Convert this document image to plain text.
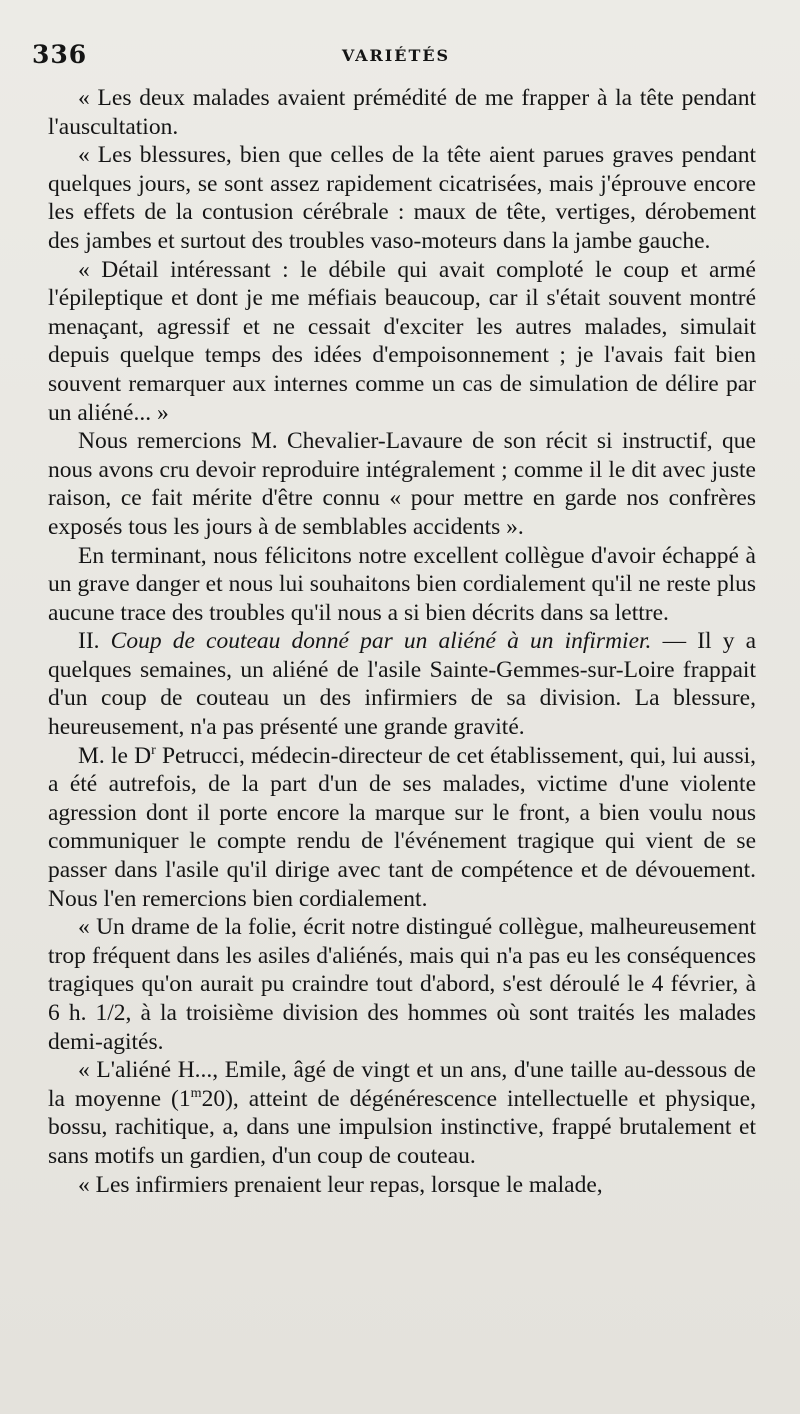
336	VARIÉTÉS

« Les deux malades avaient prémédité de me frapper à la tête pendant l'auscultation.

« Les blessures, bien que celles de la tête aient parues graves pendant quelques jours, se sont assez rapidement cicatrisées, mais j'éprouve encore les effets de la contusion cérébrale : maux de tête, vertiges, dérobement des jambes et surtout des troubles vaso-moteurs dans la jambe gauche.

« Détail intéressant : le débile qui avait comploté le coup et armé l'épileptique et dont je me méfiais beaucoup, car il s'était souvent montré menaçant, agressif et ne cessait d'exciter les autres malades, simulait depuis quelque temps des idées d'empoisonnement ; je l'avais fait bien souvent remarquer aux internes comme un cas de simulation de délire par un aliéné... »

Nous remercions M. Chevalier-Lavaure de son récit si instructif, que nous avons cru devoir reproduire intégralement ; comme il le dit avec juste raison, ce fait mérite d'être connu « pour mettre en garde nos confrères exposés tous les jours à de semblables accidents ».

En terminant, nous félicitons notre excellent collègue d'avoir échappé à un grave danger et nous lui souhaitons bien cordialement qu'il ne reste plus aucune trace des troubles qu'il nous a si bien décrits dans sa lettre.

II. Coup de couteau donné par un aliéné à un infirmier. — Il y a quelques semaines, un aliéné de l'asile Sainte-Gemmes-sur-Loire frappait d'un coup de couteau un des infirmiers de sa division. La blessure, heureusement, n'a pas présenté une grande gravité.

M. le $D^r$ Petrucci, médecin-directeur de cet établissement, qui, lui aussi, a été autrefois, de la part d'un de ses malades, victime d'une violente agression dont il porte encore la marque sur le front, a bien voulu nous communiquer le compte rendu de l'événement tragique qui vient de se passer dans l'asile qu'il dirige avec tant de compétence et de dévouement. Nous l'en remercions bien cordialement.

« Un drame de la folie, écrit notre distingué collègue, malheureusement trop fréquent dans les asiles d'aliénés, mais qui n'a pas eu les conséquences tragiques qu'on aurait pu craindre tout d'abord, s'est déroulé le 4 février, à 6 h. 1/2, à la troisième division des hommes où sont traités les malades demi-agités.

« L'aliéné H..., Emile, âgé de vingt et un ans, d'une taille au-dessous de la moyenne (1$^m$20), atteint de dégénérescence intellectuelle et physique, bossu, rachitique, a, dans une impulsion instinctive, frappé brutalement et sans motifs un gardien, d'un coup de couteau.

« Les infirmiers prenaient leur repas, lorsque le malade,
